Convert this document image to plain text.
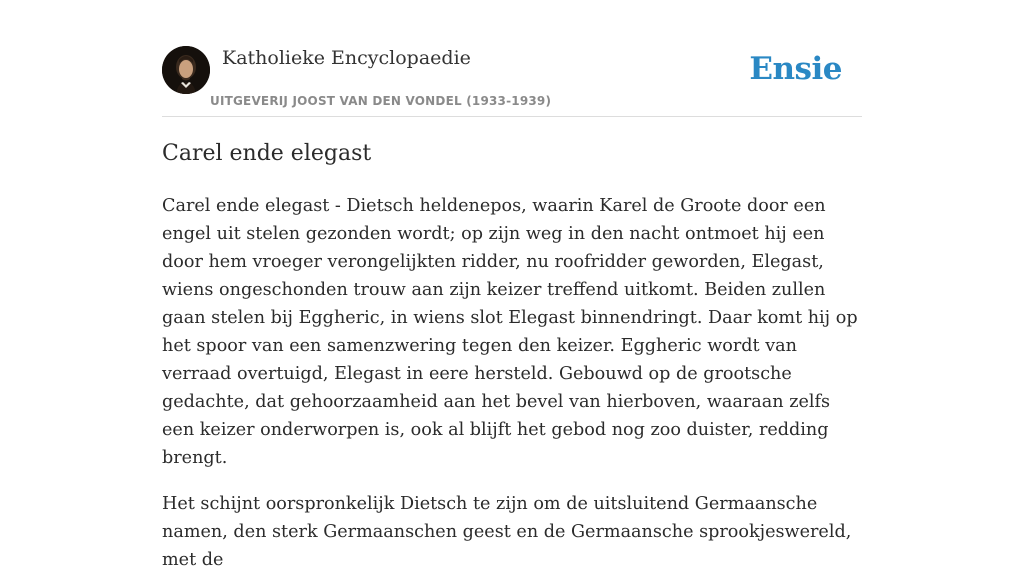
Katholieke Encyclopaedie
UITGEVERIJ JOOST VAN DEN VONDEL (1933-1939)
Ensie
Carel ende elegast

Carel ende elegast - Dietsch heldenepos, waarin Karel de Groote door een engel uit stelen gezonden wordt; op zijn weg in den nacht ontmoet hij een door hem vroeger verongelijkten ridder, nu roofridder geworden, Elegast, wiens ongeschonden trouw aan zijn keizer treffend uitkomt. Beiden zullen gaan stelen bij Eggheric, in wiens slot Elegast binnendringt. Daar komt hij op het spoor van een samenzwering tegen den keizer. Eggheric wordt van verraad overtuigd, Elegast in eere hersteld. Gebouwd op de grootsche gedachte, dat gehoorzaamheid aan het bevel van hierboven, waaraan zelfs een keizer onderworpen is, ook al blijft het gebod nog zoo duister, redding brengt.

Het schijnt oorspronkelijk Dietsch te zijn om de uitsluitend Germaansche namen, den sterk Germaanschen geest en de Germaansche sprookjeswereld, met de
